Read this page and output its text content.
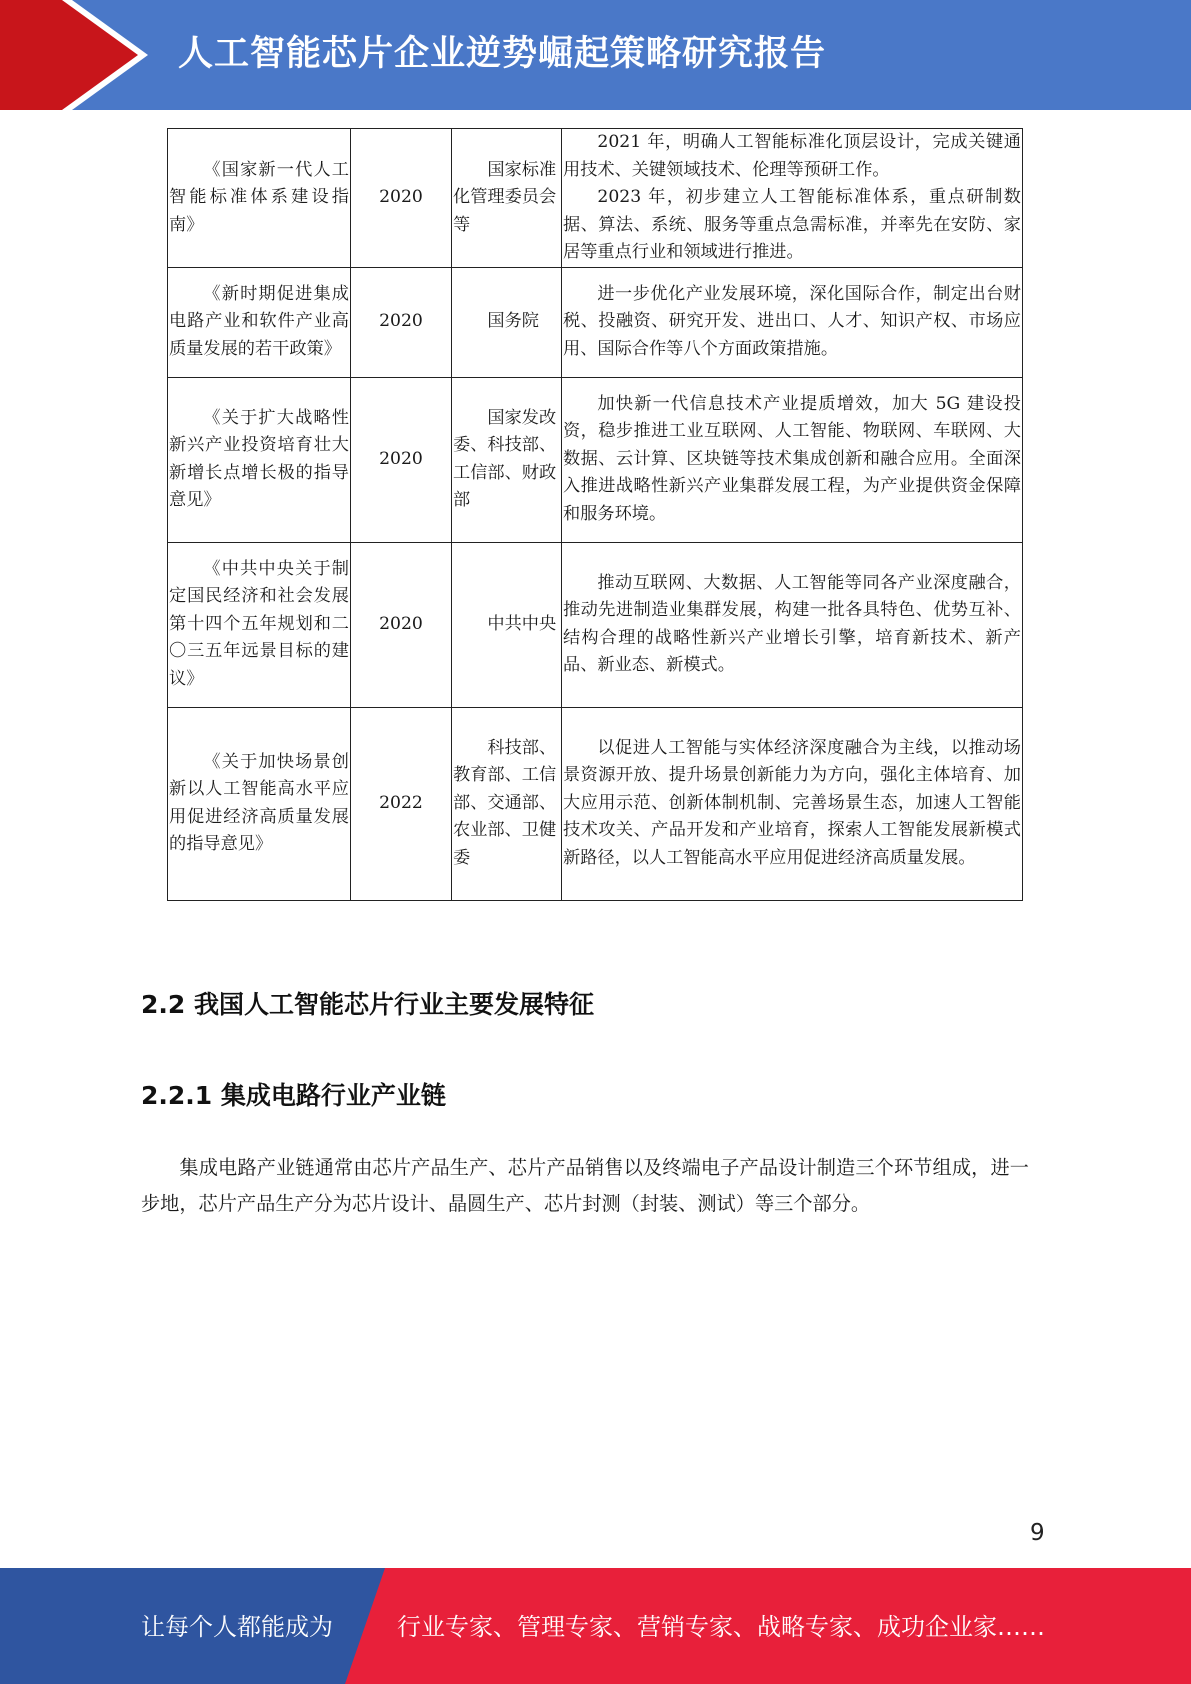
人工智能芯片企业逆势崛起策略研究报告
《国家新一代人工智能标准体系建设指南》	2020	国家标准化管理委员会等	2021 年，明确人工智能标准化顶层设计，完成关键通用技术、关键领域技术、伦理等预研工作。

2023 年，初步建立人工智能标准体系，重点研制数据、算法、系统、服务等重点急需标准，并率先在安防、家居等重点行业和领域进行推进。

《新时期促进集成电路产业和软件产业高质量发展的若干政策》	2020	国务院	进一步优化产业发展环境，深化国际合作，制定出台财税、投融资、研究开发、进出口、人才、知识产权、市场应用、国际合作等八个方面政策措施。

《关于扩大战略性新兴产业投资培育壮大新增长点增长极的指导意见》	2020	国家发改委、科技部、工信部、财政部	加快新一代信息技术产业提质增效，加大 5G 建设投资，稳步推进工业互联网、人工智能、物联网、车联网、大数据、云计算、区块链等技术集成创新和融合应用。全面深入推进战略性新兴产业集群发展工程，为产业提供资金保障和服务环境。

《中共中央关于制定国民经济和社会发展第十四个五年规划和二〇三五年远景目标的建议》	2020	中共中央	推动互联网、大数据、人工智能等同各产业深度融合，推动先进制造业集群发展，构建一批各具特色、优势互补、结构合理的战略性新兴产业增长引擎，培育新技术、新产品、新业态、新模式。

《关于加快场景创新以人工智能高水平应用促进经济高质量发展的指导意见》	2022	科技部、教育部、工信部、交通部、农业部、卫健委	以促进人工智能与实体经济深度融合为主线，以推动场景资源开放、提升场景创新能力为方向，强化主体培育、加大应用示范、创新体制机制、完善场景生态，加速人工智能技术攻关、产品开发和产业培育，探索人工智能发展新模式新路径，以人工智能高水平应用促进经济高质量发展。

2.2 我国人工智能芯片行业主要发展特征
2.2.1 集成电路行业产业链

集成电路产业链通常由芯片产品生产、芯片产品销售以及终端电子产品设计制造三个环节组成，进一步地，芯片产品生产分为芯片设计、晶圆生产、芯片封测（封装、测试）等三个部分。

9
让每个人都能成为	行业专家、管理专家、营销专家、战略专家、成功企业家……
